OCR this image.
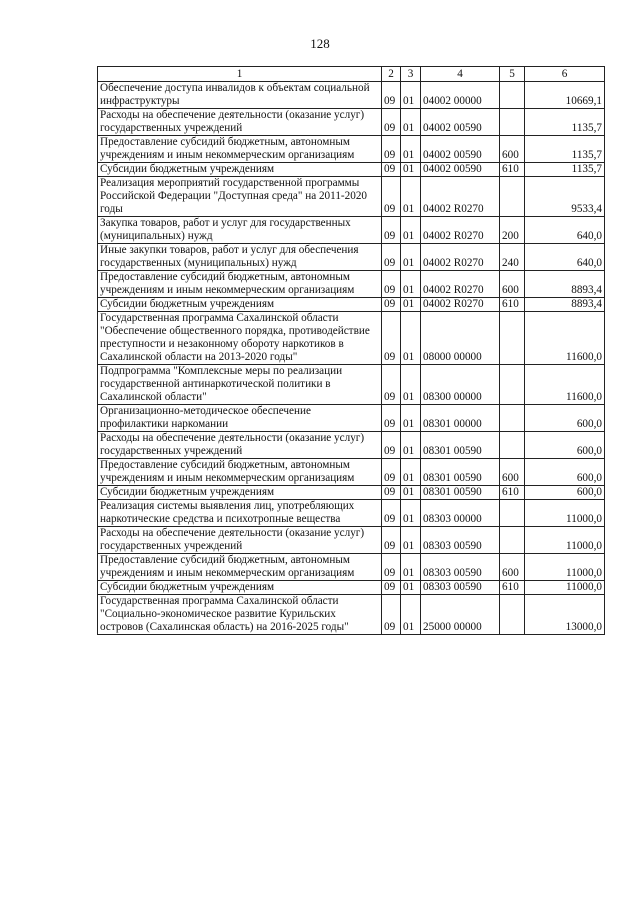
128
1	2	3	4	5	6
Обеспечение доступа инвалидов к объектам социальной инфраструктуры	09	01	04002 00000		10669,1
Расходы на обеспечение деятельности (оказание услуг) государственных учреждений	09	01	04002 00590		1135,7
Предоставление субсидий бюджетным, автономным учреждениям и иным некоммерческим организациям	09	01	04002 00590	600	1135,7
Субсидии бюджетным учреждениям	09	01	04002 00590	610	1135,7
Реализация мероприятий государственной программы Российской Федерации "Доступная среда" на 2011-2020 годы	09	01	04002 R0270		9533,4
Закупка товаров, работ и услуг для государственных (муниципальных) нужд	09	01	04002 R0270	200	640,0
Иные закупки товаров, работ и услуг для обеспечения государственных (муниципальных) нужд	09	01	04002 R0270	240	640,0
Предоставление субсидий бюджетным, автономным учреждениям и иным некоммерческим организациям	09	01	04002 R0270	600	8893,4
Субсидии бюджетным учреждениям	09	01	04002 R0270	610	8893,4
Государственная программа Сахалинской области "Обеспечение общественного порядка, противодействие преступности и незаконному обороту наркотиков в Сахалинской области на 2013-2020 годы"	09	01	08000 00000		11600,0
Подпрограмма "Комплексные меры по реализации государственной антинаркотической политики в Сахалинской области"	09	01	08300 00000		11600,0
Организационно-методическое обеспечение профилактики наркомании	09	01	08301 00000		600,0
Расходы на обеспечение деятельности (оказание услуг) государственных учреждений	09	01	08301 00590		600,0
Предоставление субсидий бюджетным, автономным учреждениям и иным некоммерческим организациям	09	01	08301 00590	600	600,0
Субсидии бюджетным учреждениям	09	01	08301 00590	610	600,0
Реализация системы выявления лиц, употребляющих наркотические средства и психотропные вещества	09	01	08303 00000		11000,0
Расходы на обеспечение деятельности (оказание услуг) государственных учреждений	09	01	08303 00590		11000,0
Предоставление субсидий бюджетным, автономным учреждениям и иным некоммерческим организациям	09	01	08303 00590	600	11000,0
Субсидии бюджетным учреждениям	09	01	08303 00590	610	11000,0
Государственная программа Сахалинской области "Социально-экономическое развитие Курильских островов (Сахалинская область) на 2016-2025 годы"	09	01	25000 00000		13000,0
